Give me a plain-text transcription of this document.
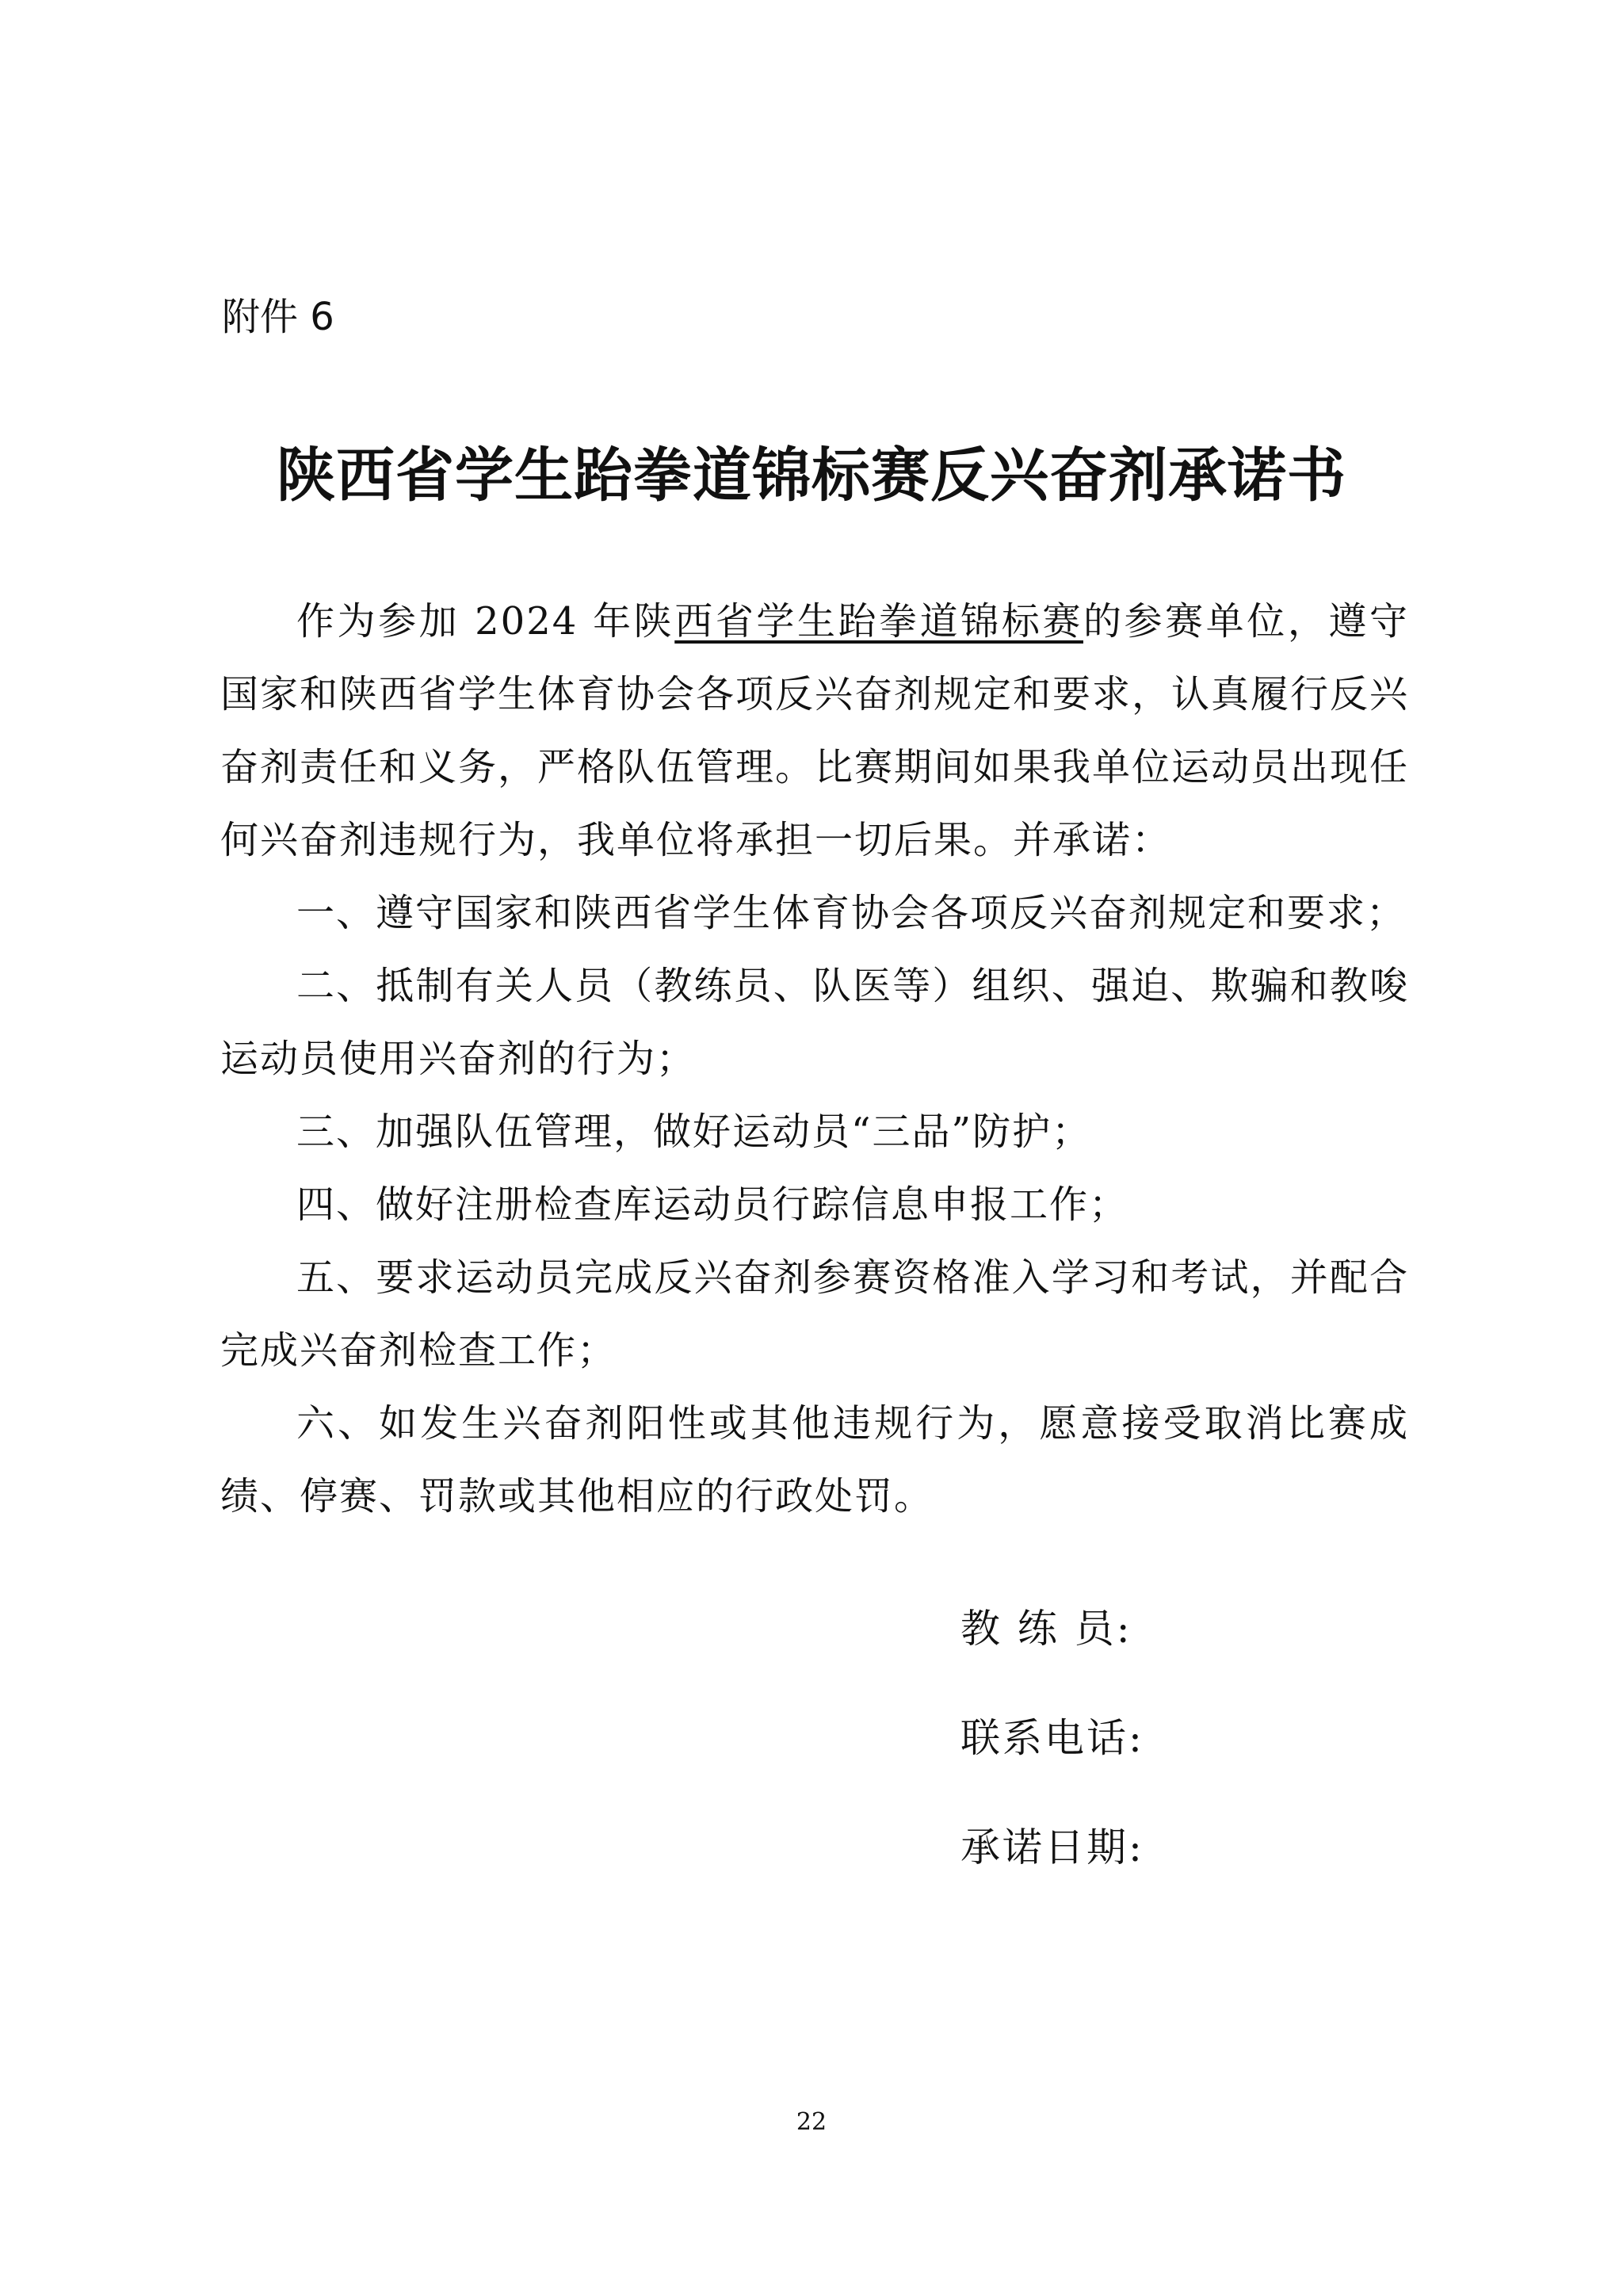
附件 6
陕西省学生跆拳道锦标赛反兴奋剂承诺书

作为参加 2024 年陕西省学生跆拳道锦标赛的参赛单位，遵守国家和陕西省学生体育协会各项反兴奋剂规定和要求，认真履行反兴奋剂责任和义务，严格队伍管理。比赛期间如果我单位运动员出现任何兴奋剂违规行为，我单位将承担一切后果。并承诺：

一、遵守国家和陕西省学生体育协会各项反兴奋剂规定和要求；

二、抵制有关人员（教练员、队医等）组织、强迫、欺骗和教唆运动员使用兴奋剂的行为；

三、加强队伍管理，做好运动员“三品”防护；

四、做好注册检查库运动员行踪信息申报工作；

五、要求运动员完成反兴奋剂参赛资格准入学习和考试，并配合完成兴奋剂检查工作；

六、如发生兴奋剂阳性或其他违规行为，愿意接受取消比赛成绩、停赛、罚款或其他相应的行政处罚。

教 练 员:
联系电话:
承诺日期:
22
